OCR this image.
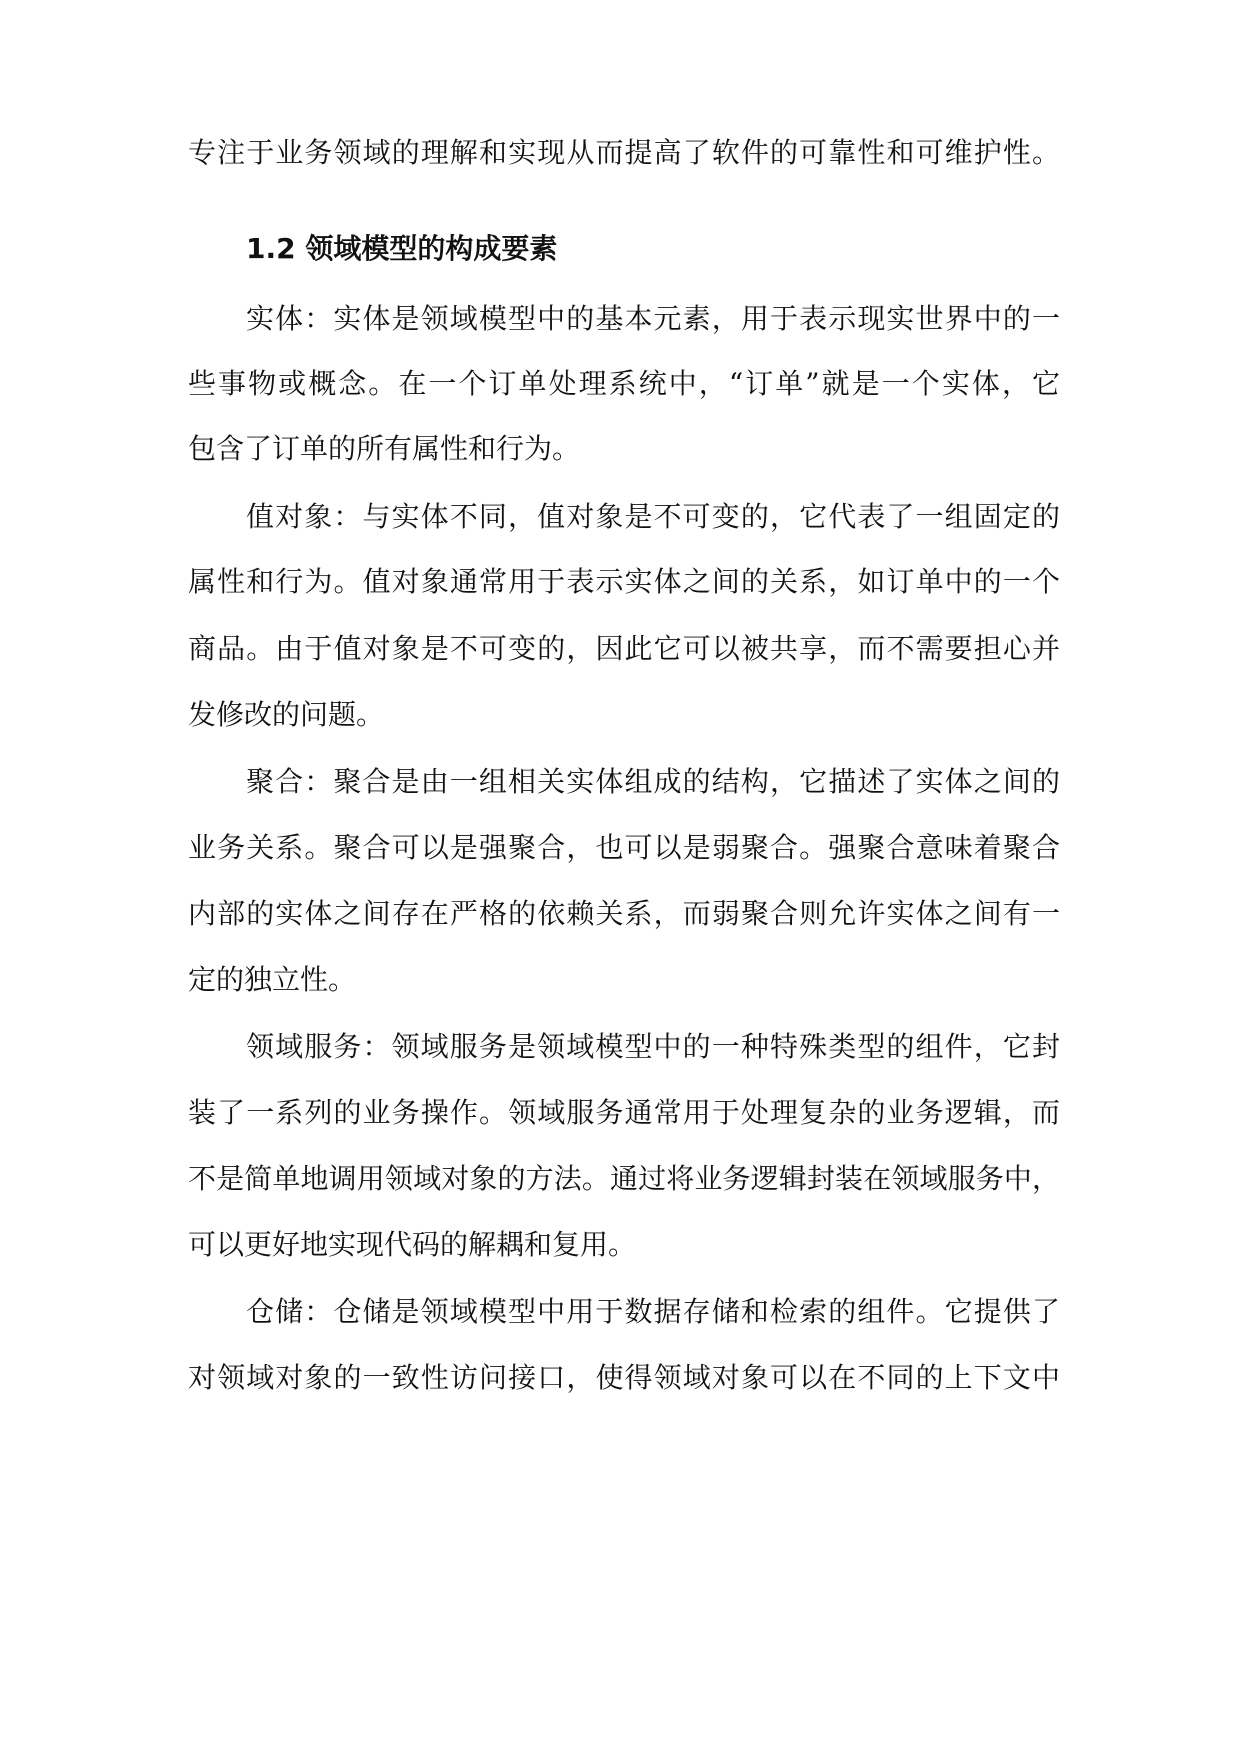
专注于业务领域的理解和实现从而提高了软件的可靠性和可维护性。
1.2 领域模型的构成要素
实体：实体是领域模型中的基本元素，用于表示现实世界中的一
些事物或概念。在一个订单处理系统中，“订单”就是一个实体，它
包含了订单的所有属性和行为。
值对象：与实体不同，值对象是不可变的，它代表了一组固定的
属性和行为。值对象通常用于表示实体之间的关系，如订单中的一个
商品。由于值对象是不可变的，因此它可以被共享，而不需要担心并
发修改的问题。
聚合：聚合是由一组相关实体组成的结构，它描述了实体之间的
业务关系。聚合可以是强聚合，也可以是弱聚合。强聚合意味着聚合
内部的实体之间存在严格的依赖关系，而弱聚合则允许实体之间有一
定的独立性。
领域服务：领域服务是领域模型中的一种特殊类型的组件，它封
装了一系列的业务操作。领域服务通常用于处理复杂的业务逻辑，而
不是简单地调用领域对象的方法。通过将业务逻辑封装在领域服务中，
可以更好地实现代码的解耦和复用。
仓储：仓储是领域模型中用于数据存储和检索的组件。它提供了
对领域对象的一致性访问接口，使得领域对象可以在不同的上下文中
